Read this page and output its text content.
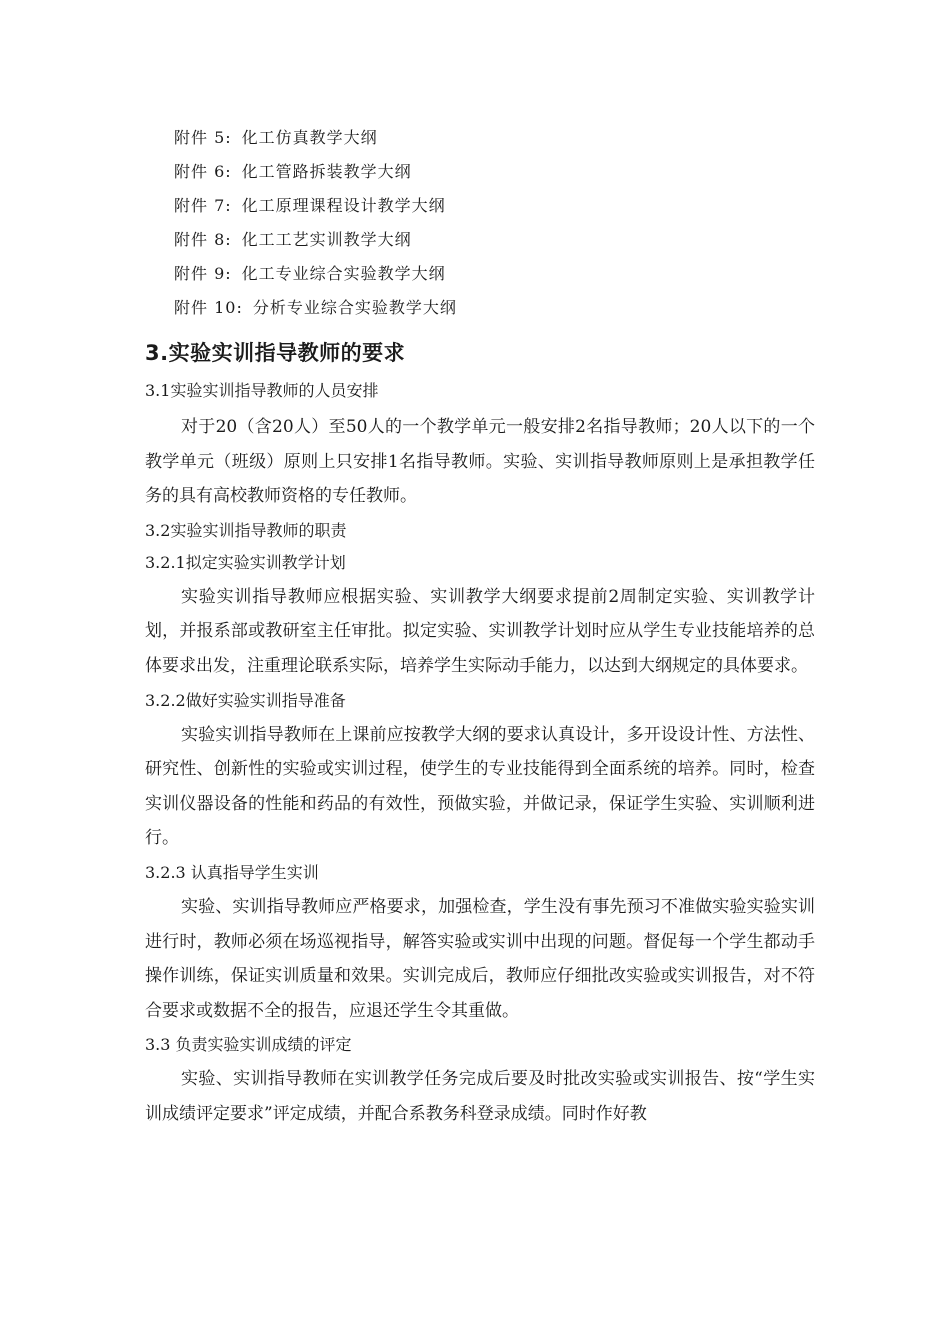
附件 5: 化工仿真教学大纲
附件 6: 化工管路拆装教学大纲
附件 7: 化工原理课程设计教学大纲
附件 8: 化工工艺实训教学大纲
附件 9: 化工专业综合实验教学大纲
附件 10: 分析专业综合实验教学大纲
3.实验实训指导教师的要求
3.1实验实训指导教师的人员安排
对于20（含20人）至50人的一个教学单元一般安排2名指导教师；20人以下的一个教学单元（班级）原则上只安排1名指导教师。实验、实训指导教师原则上是承担教学任务的具有高校教师资格的专任教师。
3.2实验实训指导教师的职责
3.2.1拟定实验实训教学计划
实验实训指导教师应根据实验、实训教学大纲要求提前2周制定实验、实训教学计划，并报系部或教研室主任审批。拟定实验、实训教学计划时应从学生专业技能培养的总体要求出发，注重理论联系实际，培养学生实际动手能力，以达到大纲规定的具体要求。
3.2.2做好实验实训指导准备
实验实训指导教师在上课前应按教学大纲的要求认真设计，多开设设计性、方法性、研究性、创新性的实验或实训过程，使学生的专业技能得到全面系统的培养。同时，检查实训仪器设备的性能和药品的有效性，预做实验，并做记录，保证学生实验、实训顺利进行。
3.2.3 认真指导学生实训
实验、实训指导教师应严格要求，加强检查，学生没有事先预习不准做实验实验实训进行时，教师必须在场巡视指导，解答实验或实训中出现的问题。督促每一个学生都动手操作训练，保证实训质量和效果。实训完成后，教师应仔细批改实验或实训报告，对不符合要求或数据不全的报告，应退还学生令其重做。
3.3 负责实验实训成绩的评定
实验、实训指导教师在实训教学任务完成后要及时批改实验或实训报告、按“学生实训成绩评定要求”评定成绩，并配合系教务科登录成绩。同时作好教
